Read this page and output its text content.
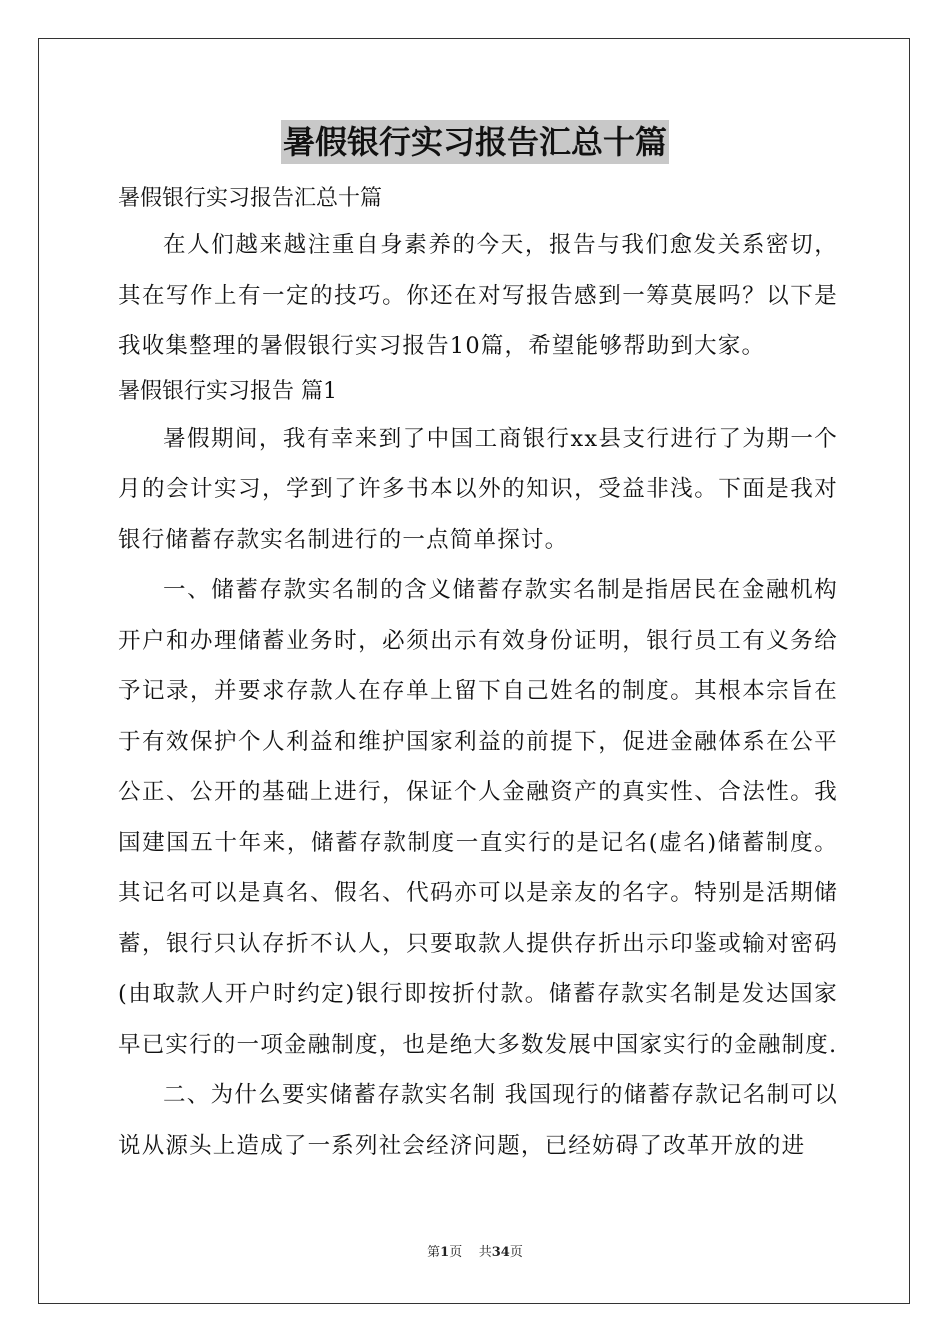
暑假银行实习报告汇总十篇
暑假银行实习报告汇总十篇

在人们越来越注重自身素养的今天，报告与我们愈发关系密切，其在写作上有一定的技巧。你还在对写报告感到一筹莫展吗？以下是我收集整理的暑假银行实习报告10篇，希望能够帮助到大家。

暑假银行实习报告 篇1

暑假期间，我有幸来到了中国工商银行xx县支行进行了为期一个月的会计实习，学到了许多书本以外的知识，受益非浅。下面是我对银行储蓄存款实名制进行的一点简单探讨。

一、储蓄存款实名制的含义储蓄存款实名制是指居民在金融机构开户和办理储蓄业务时，必须出示有效身份证明，银行员工有义务给予记录，并要求存款人在存单上留下自己姓名的制度。其根本宗旨在于有效保护个人利益和维护国家利益的前提下，促进金融体系在公平公正、公开的基础上进行，保证个人金融资产的真实性、合法性。我国建国五十年来，储蓄存款制度一直实行的是记名(虚名)储蓄制度。其记名可以是真名、假名、代码亦可以是亲友的名字。特别是活期储蓄，银行只认存折不认人，只要取款人提供存折出示印鉴或输对密码(由取款人开户时约定)银行即按折付款。储蓄存款实名制是发达国家早已实行的一项金融制度，也是绝大多数发展中国家实行的金融制度.

二、为什么要实储蓄存款实名制 我国现行的储蓄存款记名制可以说从源头上造成了一系列社会经济问题，已经妨碍了改革开放的进

第1页    共34页
